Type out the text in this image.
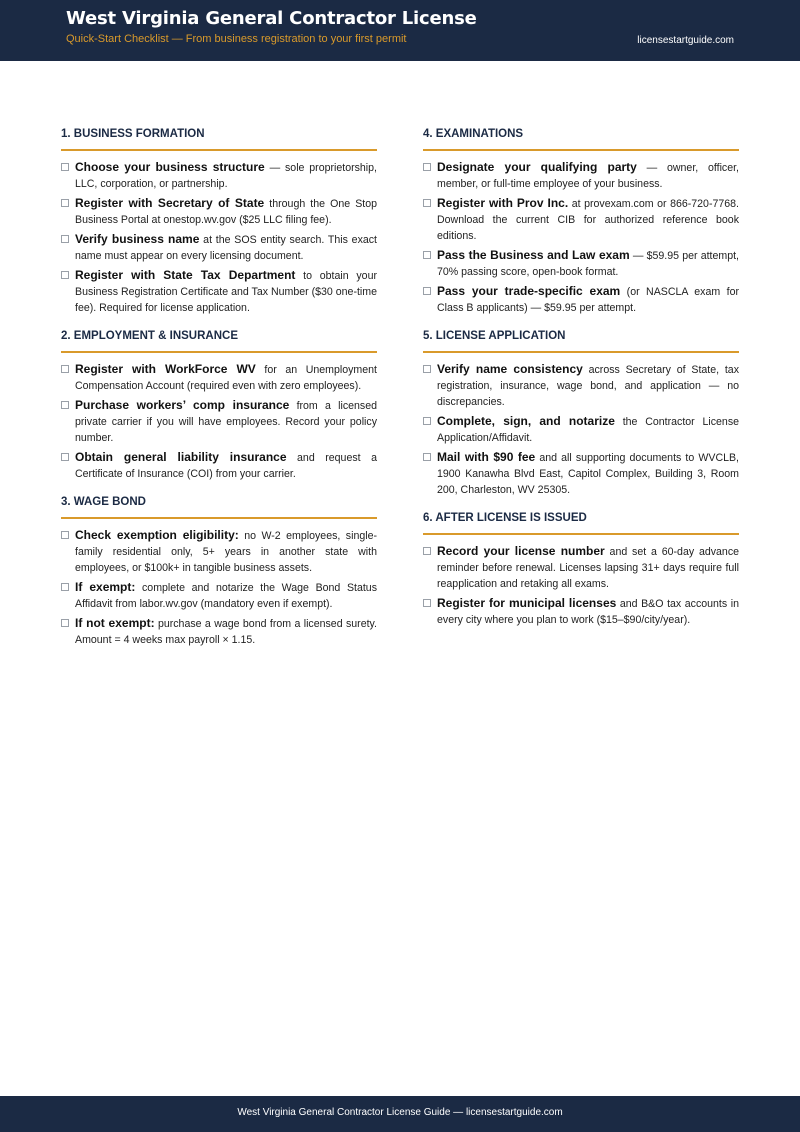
West Virginia General Contractor License
Quick-Start Checklist — From business registration to your first permit	licensestartguide.com
1. BUSINESS FORMATION
Choose your business structure — sole proprietorship, LLC, corporation, or partnership.
Register with Secretary of State through the One Stop Business Portal at onestop.wv.gov ($25 LLC filing fee).
Verify business name at the SOS entity search. This exact name must appear on every licensing document.
Register with State Tax Department to obtain your Business Registration Certificate and Tax Number ($30 one-time fee). Required for license application.
2. EMPLOYMENT & INSURANCE
Register with WorkForce WV for an Unemployment Compensation Account (required even with zero employees).
Purchase workers’ comp insurance from a licensed private carrier if you will have employees. Record your policy number.
Obtain general liability insurance and request a Certificate of Insurance (COI) from your carrier.
3. WAGE BOND
Check exemption eligibility: no W-2 employees, single-family residential only, 5+ years in another state with employees, or $100k+ in tangible business assets.
If exempt: complete and notarize the Wage Bond Status Affidavit from labor.wv.gov (mandatory even if exempt).
If not exempt: purchase a wage bond from a licensed surety. Amount = 4 weeks max payroll × 1.15.
4. EXAMINATIONS
Designate your qualifying party — owner, officer, member, or full-time employee of your business.
Register with Prov Inc. at provexam.com or 866-720-7768. Download the current CIB for authorized reference book editions.
Pass the Business and Law exam — $59.95 per attempt, 70% passing score, open-book format.
Pass your trade-specific exam (or NASCLA exam for Class B applicants) — $59.95 per attempt.
5. LICENSE APPLICATION
Verify name consistency across Secretary of State, tax registration, insurance, wage bond, and application — no discrepancies.
Complete, sign, and notarize the Contractor License Application/Affidavit.
Mail with $90 fee and all supporting documents to WVCLB, 1900 Kanawha Blvd East, Capitol Complex, Building 3, Room 200, Charleston, WV 25305.
6. AFTER LICENSE IS ISSUED
Record your license number and set a 60-day advance reminder before renewal. Licenses lapsing 31+ days require full reapplication and retaking all exams.
Register for municipal licenses and B&O tax accounts in every city where you plan to work ($15–$90/city/year).
West Virginia General Contractor License Guide — licensestartguide.com
